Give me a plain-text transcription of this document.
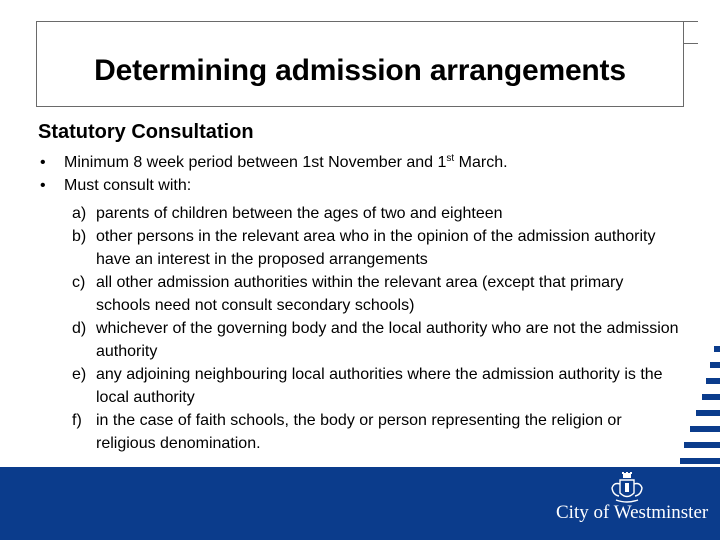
Determining admission arrangements
Statutory Consultation
• Minimum 8 week period between 1st November and 1st March.
• Must consult with:
a) parents of children between the ages of two and eighteen
b) other persons in the relevant area who in the opinion of the admission authority have an interest in the proposed arrangements
c) all other admission authorities within the relevant area (except that primary schools need not consult secondary schools)
d) whichever of the governing body and the local authority who are not the admission authority
e) any adjoining neighbouring local authorities where the admission authority is the local authority
f) in the case of faith schools, the body or person representing the religion or religious denomination.
City of Westminster
